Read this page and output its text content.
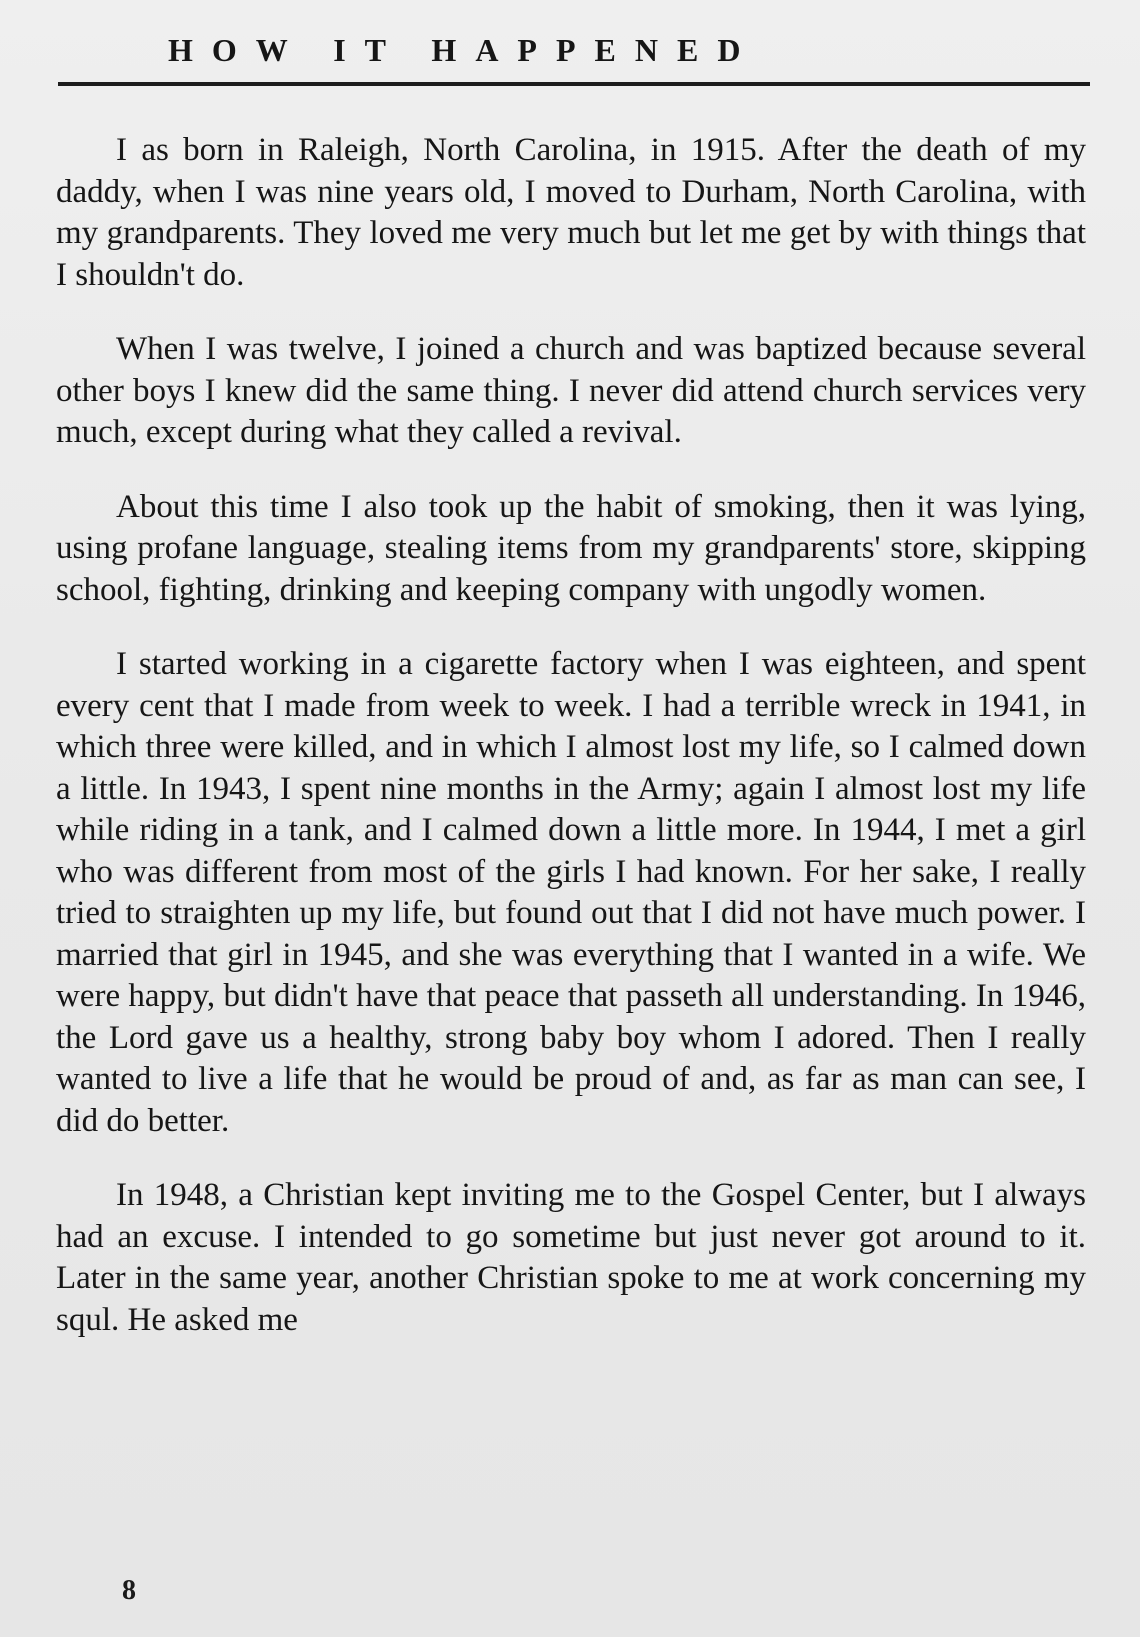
HOW IT HAPPENED

I as born in Raleigh, North Carolina, in 1915. After the death of my daddy, when I was nine years old, I moved to Durham, North Carolina, with my grandparents. They loved me very much but let me get by with things that I shouldn't do.

When I was twelve, I joined a church and was baptized because several other boys I knew did the same thing. I never did attend church services very much, except during what they called a revival.

About this time I also took up the habit of smoking, then it was lying, using profane language, stealing items from my grandparents' store, skipping school, fighting, drinking and keeping company with ungodly women.

I started working in a cigarette factory when I was eighteen, and spent every cent that I made from week to week. I had a terrible wreck in 1941, in which three were killed, and in which I almost lost my life, so I calmed down a little. In 1943, I spent nine months in the Army; again I almost lost my life while riding in a tank, and I calmed down a little more. In 1944, I met a girl who was different from most of the girls I had known. For her sake, I really tried to straighten up my life, but found out that I did not have much power. I married that girl in 1945, and she was everything that I wanted in a wife. We were happy, but didn't have that peace that passeth all understanding. In 1946, the Lord gave us a healthy, strong baby boy whom I adored. Then I really wanted to live a life that he would be proud of and, as far as man can see, I did do better.

In 1948, a Christian kept inviting me to the Gospel Center, but I always had an excuse. I intended to go sometime but just never got around to it. Later in the same year, another Christian spoke to me at work concerning my squl. He asked me

8
